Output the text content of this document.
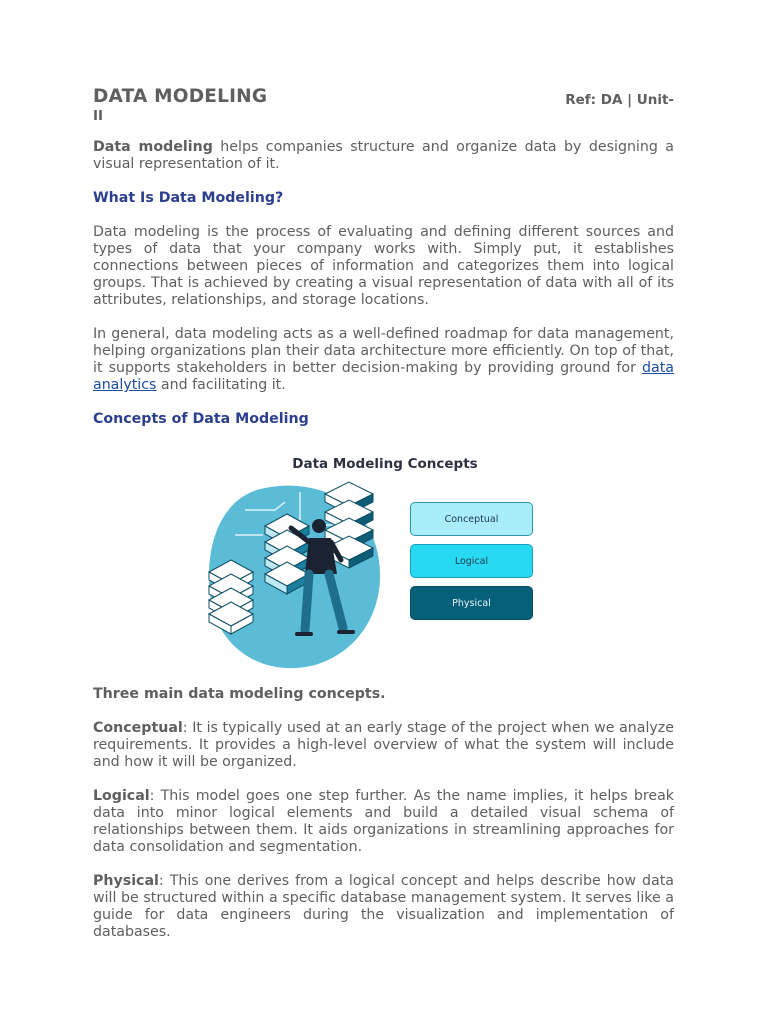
DATA MODELING	Ref: DA | Unit-
II

Data modeling helps companies structure and organize data by designing a visual representation of it.

What Is Data Modeling?

Data modeling is the process of evaluating and defining different sources and types of data that your company works with. Simply put, it establishes connections between pieces of information and categorizes them into logical groups. That is achieved by creating a visual representation of data with all of its attributes, relationships, and storage locations.

In general, data modeling acts as a well-defined roadmap for data management, helping organizations plan their data architecture more efficiently. On top of that, it supports stakeholders in better decision-making by providing ground for data analytics and facilitating it.

Concepts of Data Modeling
Data Modeling Concepts
Conceptual
Logical
Physical

Three main data modeling concepts.

Conceptual: It is typically used at an early stage of the project when we analyze requirements. It provides a high-level overview of what the system will include and how it will be organized.

Logical: This model goes one step further. As the name implies, it helps break data into minor logical elements and build a detailed visual schema of relationships between them. It aids organizations in streamlining approaches for data consolidation and segmentation.

Physical: This one derives from a logical concept and helps describe how data will be structured within a specific database management system. It serves like a guide for data engineers during the visualization and implementation of databases.
